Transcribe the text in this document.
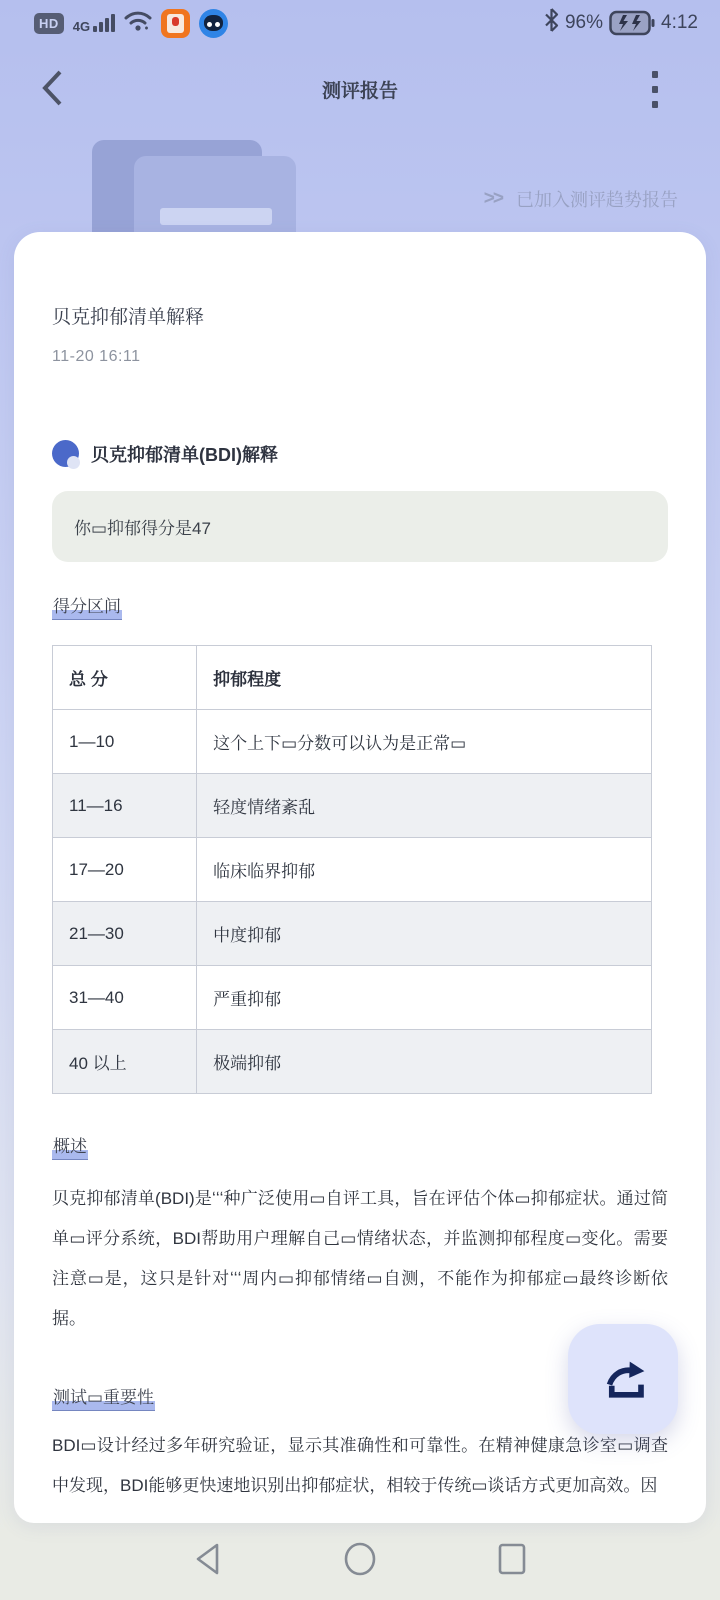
HD	4G	96%	4:12
测评报告
>> 已加入测评趋势报告
贝克抑郁清单解释
11-20 16:11
贝克抑郁清单(BDI)解释
你▭抑郁得分是47
得分区间
总 分	抑郁程度
1—10	这个上下▭分数可以认为是正常▭
11—16	轻度情绪紊乱
17—20	临床临界抑郁
21—30	中度抑郁
31—40	严重抑郁
40 以上	极端抑郁
概述
贝克抑郁清单(BDI)是ʻʻʻ种广泛使用▭自评工具，旨在评估个体▭抑郁症状。通过简单▭评分系统，BDI帮助用户理解自己▭情绪状态，并监测抑郁程度▭变化。需要注意▭是，这只是针对ʻʻʻ周内▭抑郁情绪▭自测，不能作为抑郁症▭最终诊断依据。
测试▭重要性
BDI▭设计经过多年研究验证，显示其准确性和可靠性。在精神健康急诊室▭调查中发现，BDI能够更快速地识别出抑郁症状，相较于传统▭谈话方式更加高效。因
